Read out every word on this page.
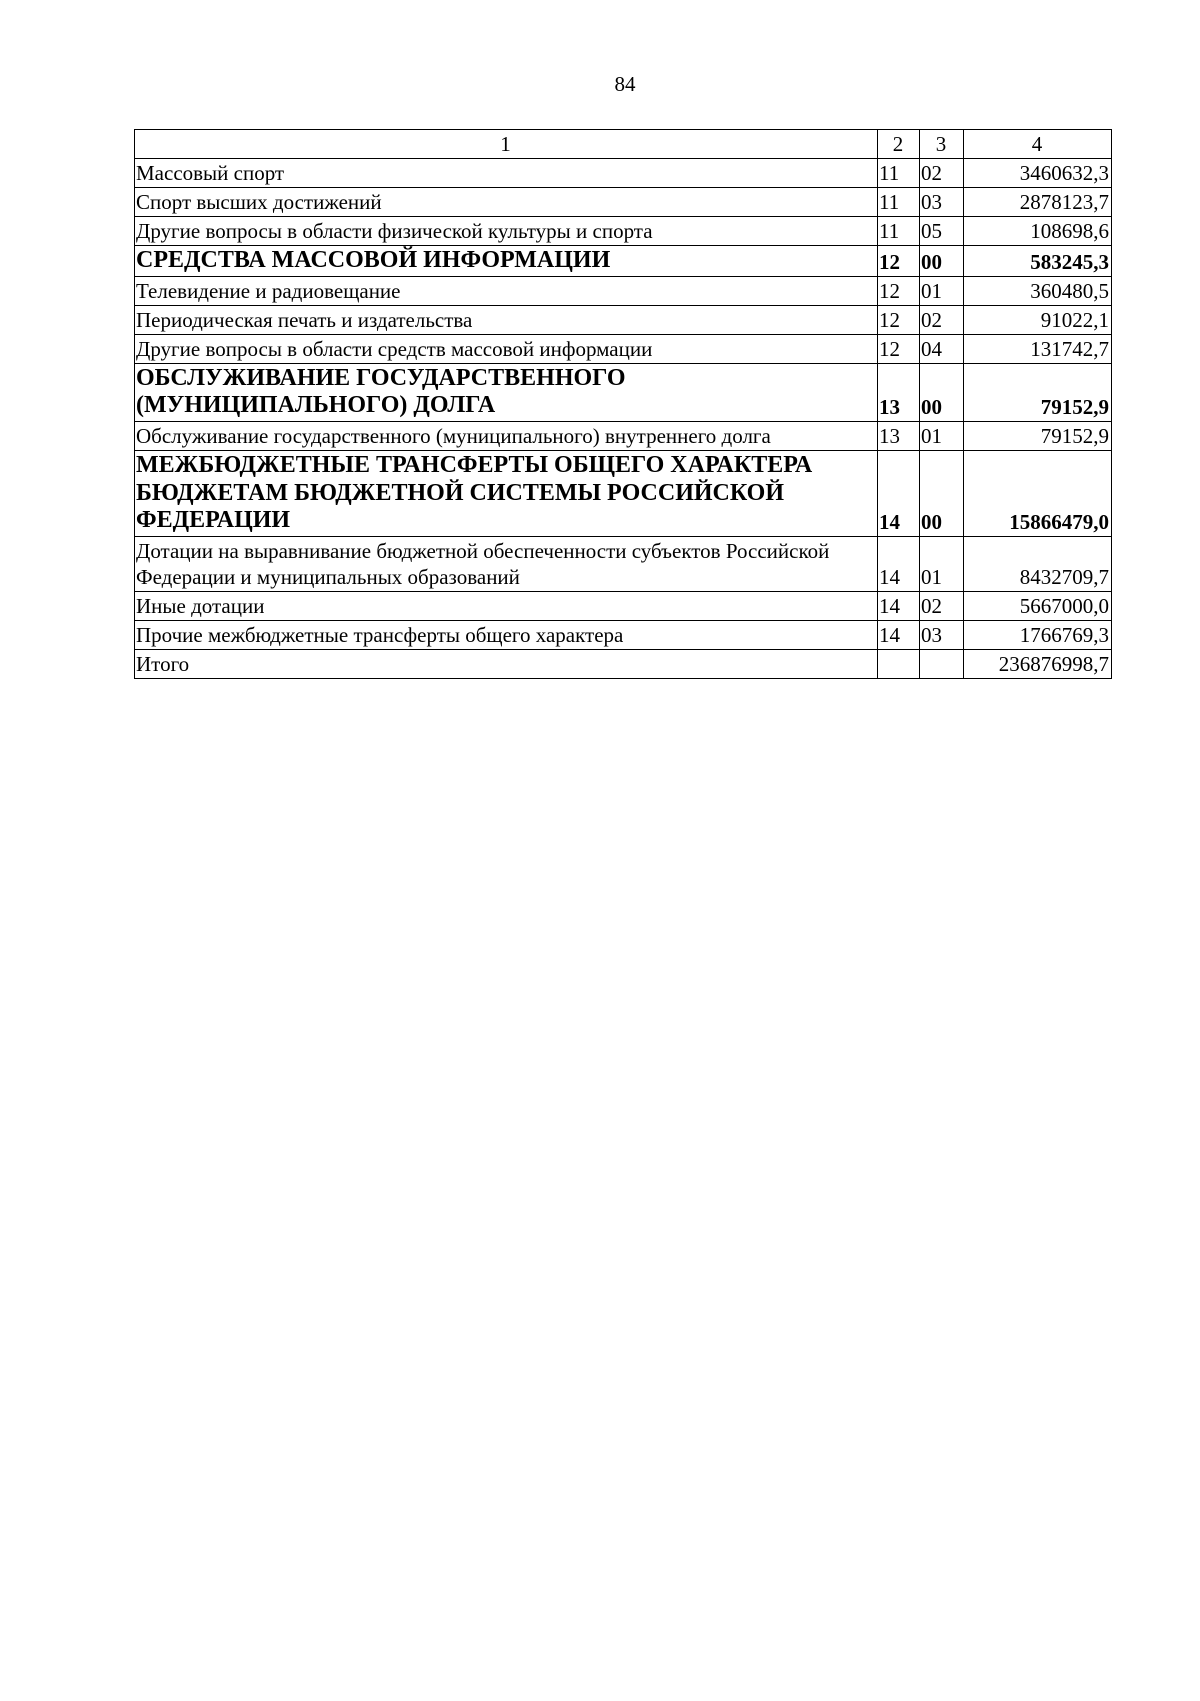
84
1	2	3	4
Массовый спорт	11	02	3460632,3
Спорт высших достижений	11	03	2878123,7
Другие вопросы в области физической культуры и спорта	11	05	108698,6
СРЕДСТВА МАССОВОЙ ИНФОРМАЦИИ	12	00	583245,3
Телевидение и радиовещание	12	01	360480,5
Периодическая печать и издательства	12	02	91022,1
Другие вопросы в области средств массовой информации	12	04	131742,7
ОБСЛУЖИВАНИЕ ГОСУДАРСТВЕННОГО (МУНИЦИПАЛЬНОГО) ДОЛГА	13	00	79152,9
Обслуживание государственного (муниципального) внутреннего долга	13	01	79152,9
МЕЖБЮДЖЕТНЫЕ ТРАНСФЕРТЫ ОБЩЕГО ХАРАКТЕРА БЮДЖЕТАМ БЮДЖЕТНОЙ СИСТЕМЫ РОССИЙСКОЙ ФЕДЕРАЦИИ	14	00	15866479,0
Дотации на выравнивание бюджетной обеспеченности субъектов Российской Федерации и муниципальных образований	14	01	8432709,7
Иные дотации	14	02	5667000,0
Прочие межбюджетные трансферты общего характера	14	03	1766769,3
Итого			236876998,7
